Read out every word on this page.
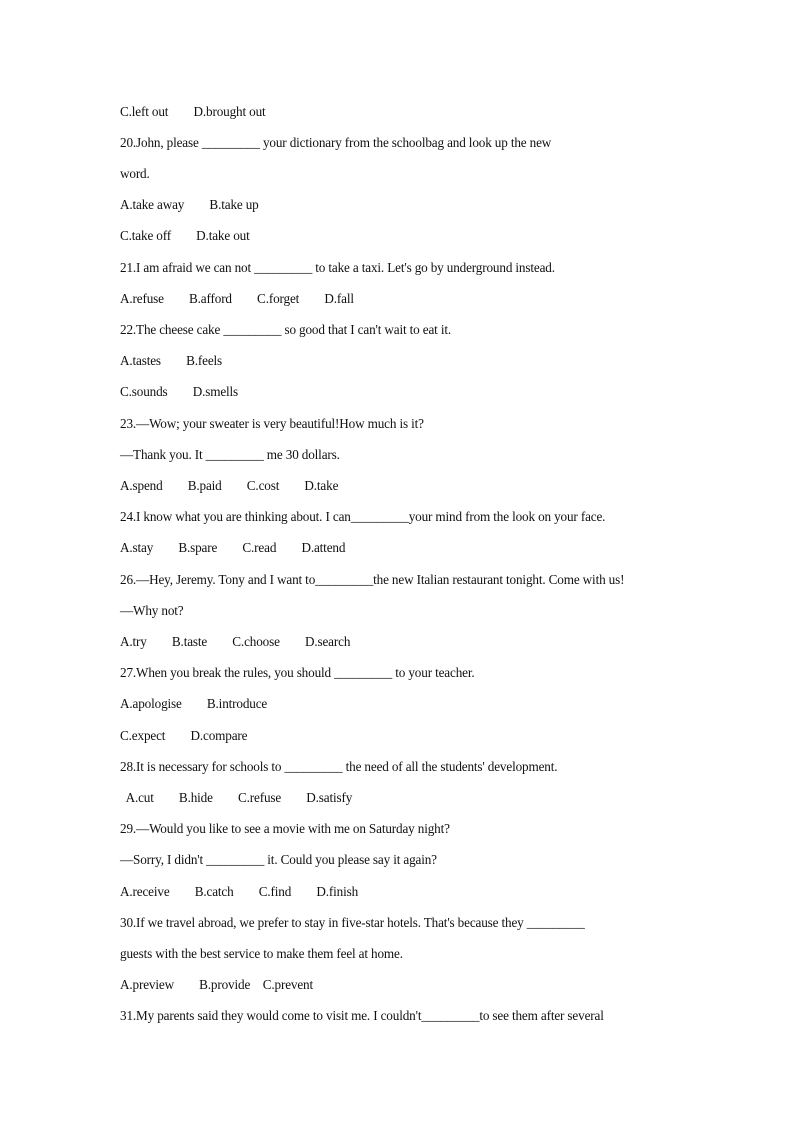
C.left out        D.brought out
20.John, please _________ your dictionary from the schoolbag and look up the new
word.
A.take away        B.take up
C.take off        D.take out
21.I am afraid we can not _________ to take a taxi. Let's go by underground instead.
A.refuse        B.afford        C.forget        D.fall
22.The cheese cake _________ so good that I can't wait to eat it.
A.tastes        B.feels
C.sounds        D.smells
23.—Wow; your sweater is very beautiful!How much is it?
—Thank you. It _________ me 30 dollars.
A.spend        B.paid        C.cost        D.take
24.I know what you are thinking about. I can_________your mind from the look on your face.
A.stay        B.spare        C.read        D.attend
26.—Hey, Jeremy. Tony and I want to_________the new Italian restaurant tonight. Come with us!
—Why not?
A.try        B.taste        C.choose        D.search
27.When you break the rules, you should _________ to your teacher.
A.apologise        B.introduce
C.expect        D.compare
28.It is necessary for schools to _________ the need of all the students' development.
A.cut        B.hide        C.refuse        D.satisfy
29.—Would you like to see a movie with me on Saturday night?
—Sorry, I didn't _________ it. Could you please say it again?
A.receive        B.catch        C.find        D.finish
30.If we travel abroad, we prefer to stay in five-star hotels. That's because they _________
guests with the best service to make them feel at home.
A.preview        B.provide    C.prevent
31.My parents said they would come to visit me. I couldn't_________to see them after several
